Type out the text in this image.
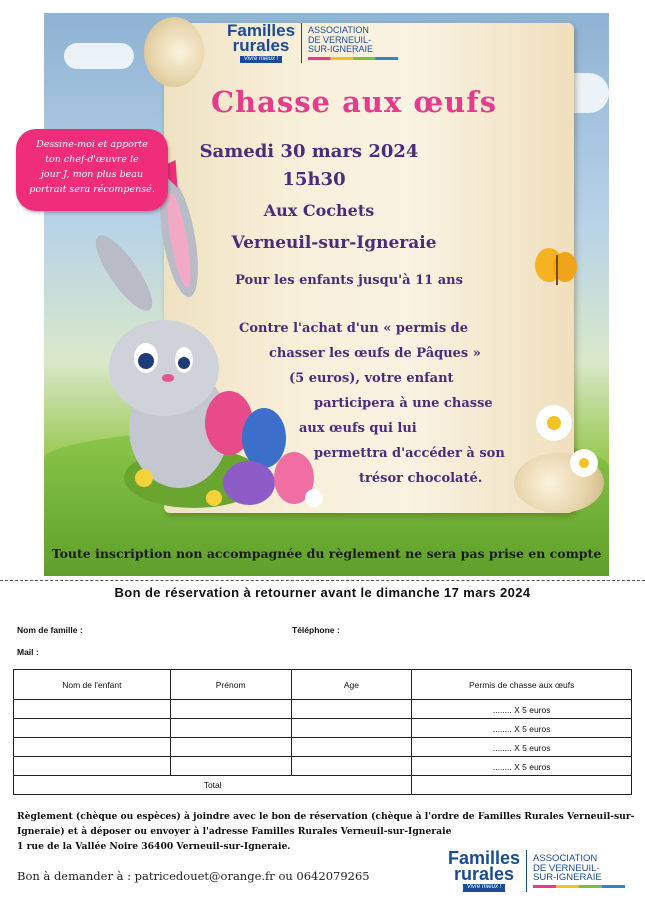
Familles
rurales
Vivre mieux !
ASSOCIATION
DE VERNEUIL-
SUR-IGNERAIE
Chasse aux œufs
Samedi 30 mars 2024
15h30
Aux Cochets
Verneuil-sur-Igneraie
Pour les enfants jusqu'à 11 ans
Contre l'achat d'un « permis de
chasser les œufs de Pâques »
(5 euros), votre enfant
participera à une chasse
aux œufs qui lui
permettra d'accéder à son
trésor chocolaté.
Dessine-moi et apporte
ton chef-d'œuvre le
jour J, mon plus beau
portrait sera récompensé.
Toute inscription non accompagnée du règlement ne sera pas prise en compte
Bon de réservation à retourner avant le dimanche 17 mars 2024
Nom de famille :	Téléphone :
Mail :
Nom de l'enfant	Prénom	Age	Permis de chasse aux œufs
			........ X 5 euros
			........ X 5 euros
			........ X 5 euros
			........ X 5 euros
Total			
Règlement (chèque ou espèces) à joindre avec le bon de réservation (chèque à l'ordre de Familles Rurales Verneuil-sur-
Igneraie) et à déposer ou envoyer à l'adresse Familles Rurales Verneuil-sur-Igneraie
1 rue de la Vallée Noire 36400 Verneuil-sur-Igneraie.
Bon à demander à : patricedouet@orange.fr ou 0642079265
Familles
rurales
Vivre mieux !
ASSOCIATION
DE VERNEUIL-
SUR-IGNERAIE
